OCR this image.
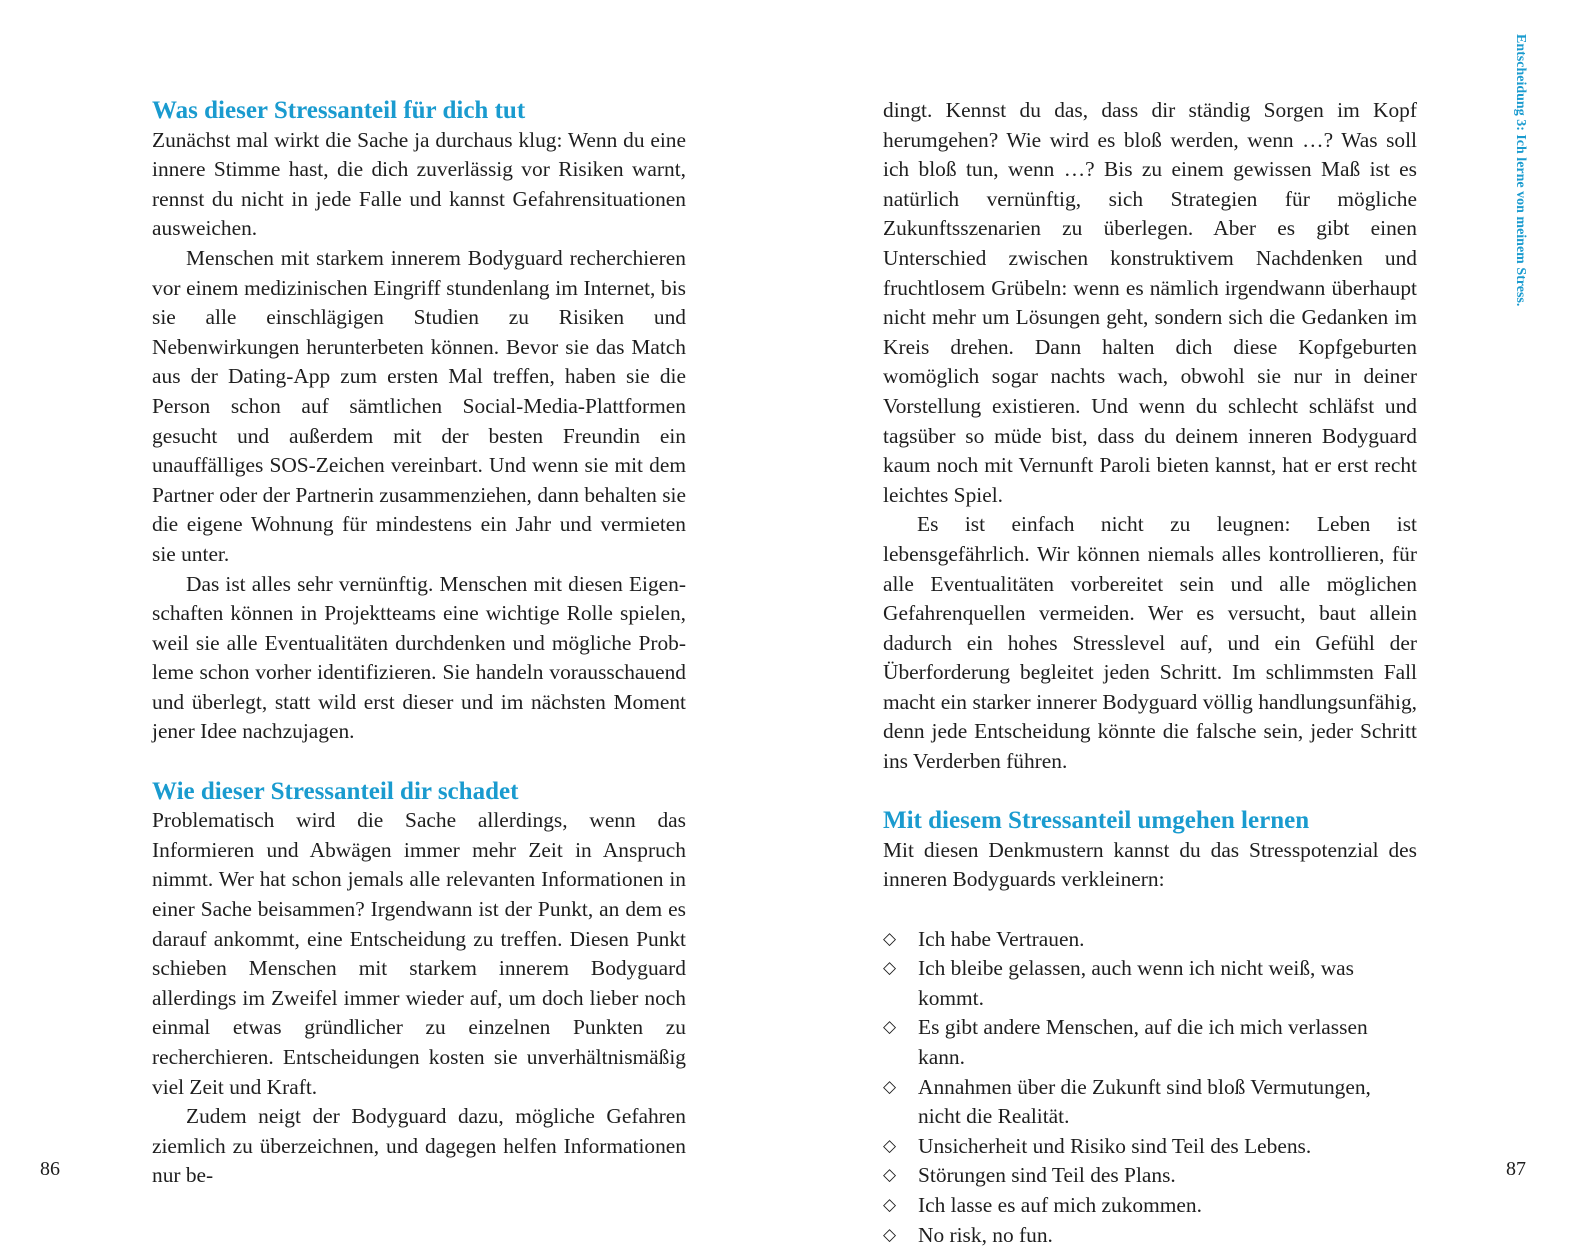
Entscheidung 3: Ich lerne von meinem Stress.
Was dieser Stressanteil für dich tut

Zunächst mal wirkt die Sache ja durchaus klug: Wenn du eine innere Stimme hast, die dich zuverlässig vor Risiken warnt, rennst du nicht in jede Falle und kannst Gefahrensituationen ausweichen.

Menschen mit starkem innerem Bodyguard recherchieren vor einem medizinischen Eingriff stundenlang im Internet, bis sie alle einschlägigen Studien zu Risiken und Nebenwirkungen herunterbeten können. Bevor sie das Match aus der Dating-App zum ersten Mal treffen, haben sie die Person schon auf sämtlichen Social-Media-Plattformen gesucht und außerdem mit der besten Freundin ein unauffälliges SOS-Zeichen vereinbart. Und wenn sie mit dem Partner oder der Partnerin zusammenziehen, dann behalten sie die eigene Wohnung für mindestens ein Jahr und vermieten sie unter.

Das ist alles sehr vernünftig. Menschen mit diesen Eigenschaften können in Projektteams eine wichtige Rolle spielen, weil sie alle Eventualitäten durchdenken und mögliche Probleme schon vorher identifizieren. Sie handeln vorausschauend und überlegt, statt wild erst dieser und im nächsten Moment jener Idee nachzujagen.

Wie dieser Stressanteil dir schadet

Problematisch wird die Sache allerdings, wenn das Informieren und Abwägen immer mehr Zeit in Anspruch nimmt. Wer hat schon jemals alle relevanten Informationen in einer Sache beisammen? Irgendwann ist der Punkt, an dem es darauf ankommt, eine Entscheidung zu treffen. Diesen Punkt schieben Menschen mit starkem innerem Bodyguard allerdings im Zweifel immer wieder auf, um doch lieber noch einmal etwas gründlicher zu einzelnen Punkten zu recherchieren. Entscheidungen kosten sie unverhältnismäßig viel Zeit und Kraft.

Zudem neigt der Bodyguard dazu, mögliche Gefahren ziemlich zu überzeichnen, und dagegen helfen Informationen nur be-

dingt. Kennst du das, dass dir ständig Sorgen im Kopf herumgehen? Wie wird es bloß werden, wenn …? Was soll ich bloß tun, wenn …? Bis zu einem gewissen Maß ist es natürlich vernünftig, sich Strategien für mögliche Zukunftsszenarien zu überlegen. Aber es gibt einen Unterschied zwischen konstruktivem Nachdenken und fruchtlosem Grübeln: wenn es nämlich irgendwann überhaupt nicht mehr um Lösungen geht, sondern sich die Gedanken im Kreis drehen. Dann halten dich diese Kopfgeburten womöglich sogar nachts wach, obwohl sie nur in deiner Vorstellung existieren. Und wenn du schlecht schläfst und tagsüber so müde bist, dass du deinem inneren Bodyguard kaum noch mit Vernunft Paroli bieten kannst, hat er erst recht leichtes Spiel.

Es ist einfach nicht zu leugnen: Leben ist lebensgefährlich. Wir können niemals alles kontrollieren, für alle Eventualitäten vorbereitet sein und alle möglichen Gefahrenquellen vermeiden. Wer es versucht, baut allein dadurch ein hohes Stresslevel auf, und ein Gefühl der Überforderung begleitet jeden Schritt. Im schlimmsten Fall macht ein starker innerer Bodyguard völlig handlungsunfähig, denn jede Entscheidung könnte die falsche sein, jeder Schritt ins Verderben führen.

Mit diesem Stressanteil umgehen lernen

Mit diesen Denkmustern kannst du das Stresspotenzial des inneren Bodyguards verkleinern:

◇ Ich habe Vertrauen.
◇ Ich bleibe gelassen, auch wenn ich nicht weiß, was kommt.
◇ Es gibt andere Menschen, auf die ich mich verlassen kann.
◇ Annahmen über die Zukunft sind bloß Vermutungen, nicht die Realität.
◇ Unsicherheit und Risiko sind Teil des Lebens.
◇ Störungen sind Teil des Plans.
◇ Ich lasse es auf mich zukommen.
◇ No risk, no fun.
86	87
